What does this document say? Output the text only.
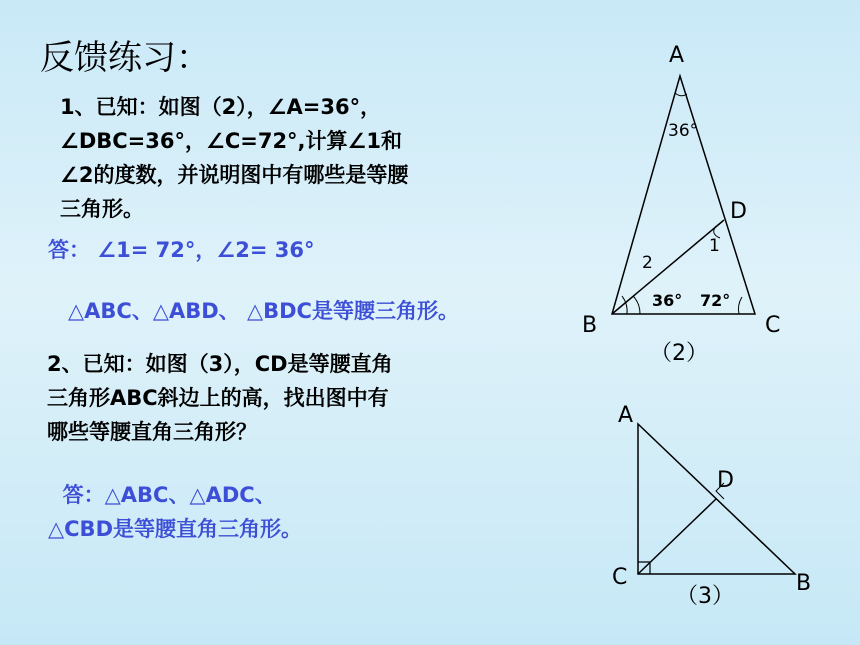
反馈练习：
1、已知：如图（2），∠A=36°，
∠DBC=36°，∠C=72°,计算∠1和
∠2的度数，并说明图中有哪些是等腰
三角形。
答： ∠1= 72°，∠2= 36°
△ABC、△ABD、 △BDC是等腰三角形。
2、已知：如图（3），CD是等腰直角
三角形ABC斜边上的高，找出图中有
哪些等腰直角三角形？
答：△ABC、△ADC、
△CBD是等腰直角三角形。
A
B	C
D
1
2
36°
36° 72°
（2）
A
C	B
D
（3）
